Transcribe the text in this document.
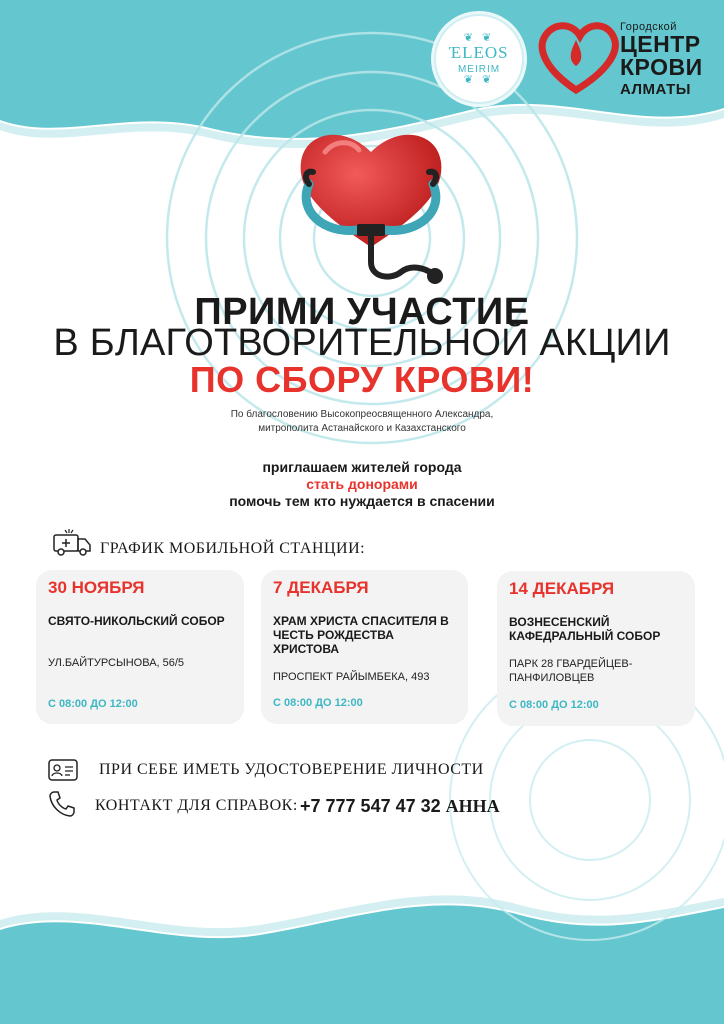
❦ ❦
ΈLEOS
MEIRIM
❦ ❦
Городской
ЦЕНТР
КРОВИ
АЛМАТЫ
ПРИМИ УЧАСТИЕ
В БЛАГОТВОРИТЕЛЬНОЙ АКЦИИ
ПО СБОРУ КРОВИ!
По благословению Высокопреосвященного Александра,
митрополита Астанайского и Казахстанского
приглашаем жителей города
стать донорами
помочь тем кто нуждается в спасении
ГРАФИК МОБИЛЬНОЙ СТАНЦИИ:
30 НОЯБРЯ
СВЯТО-НИКОЛЬСКИЙ СОБОР
УЛ.БАЙТУРСЫНОВА, 56/5
С 08:00 ДО 12:00
7 ДЕКАБРЯ
ХРАМ ХРИСТА СПАСИТЕЛЯ В ЧЕСТЬ РОЖДЕСТВА ХРИСТОВА
ПРОСПЕКТ РАЙЫМБЕКА, 493
С 08:00 ДО 12:00
14 ДЕКАБРЯ
ВОЗНЕСЕНСКИЙ КАФЕДРАЛЬНЫЙ СОБОР
ПАРК 28 ГВАРДЕЙЦЕВ-ПАНФИЛОВЦЕВ
С 08:00 ДО 12:00
ПРИ СЕБЕ ИМЕТЬ УДОСТОВЕРЕНИЕ ЛИЧНОСТИ
КОНТАКТ ДЛЯ СПРАВОК: +7 777 547 47 32 АННА
